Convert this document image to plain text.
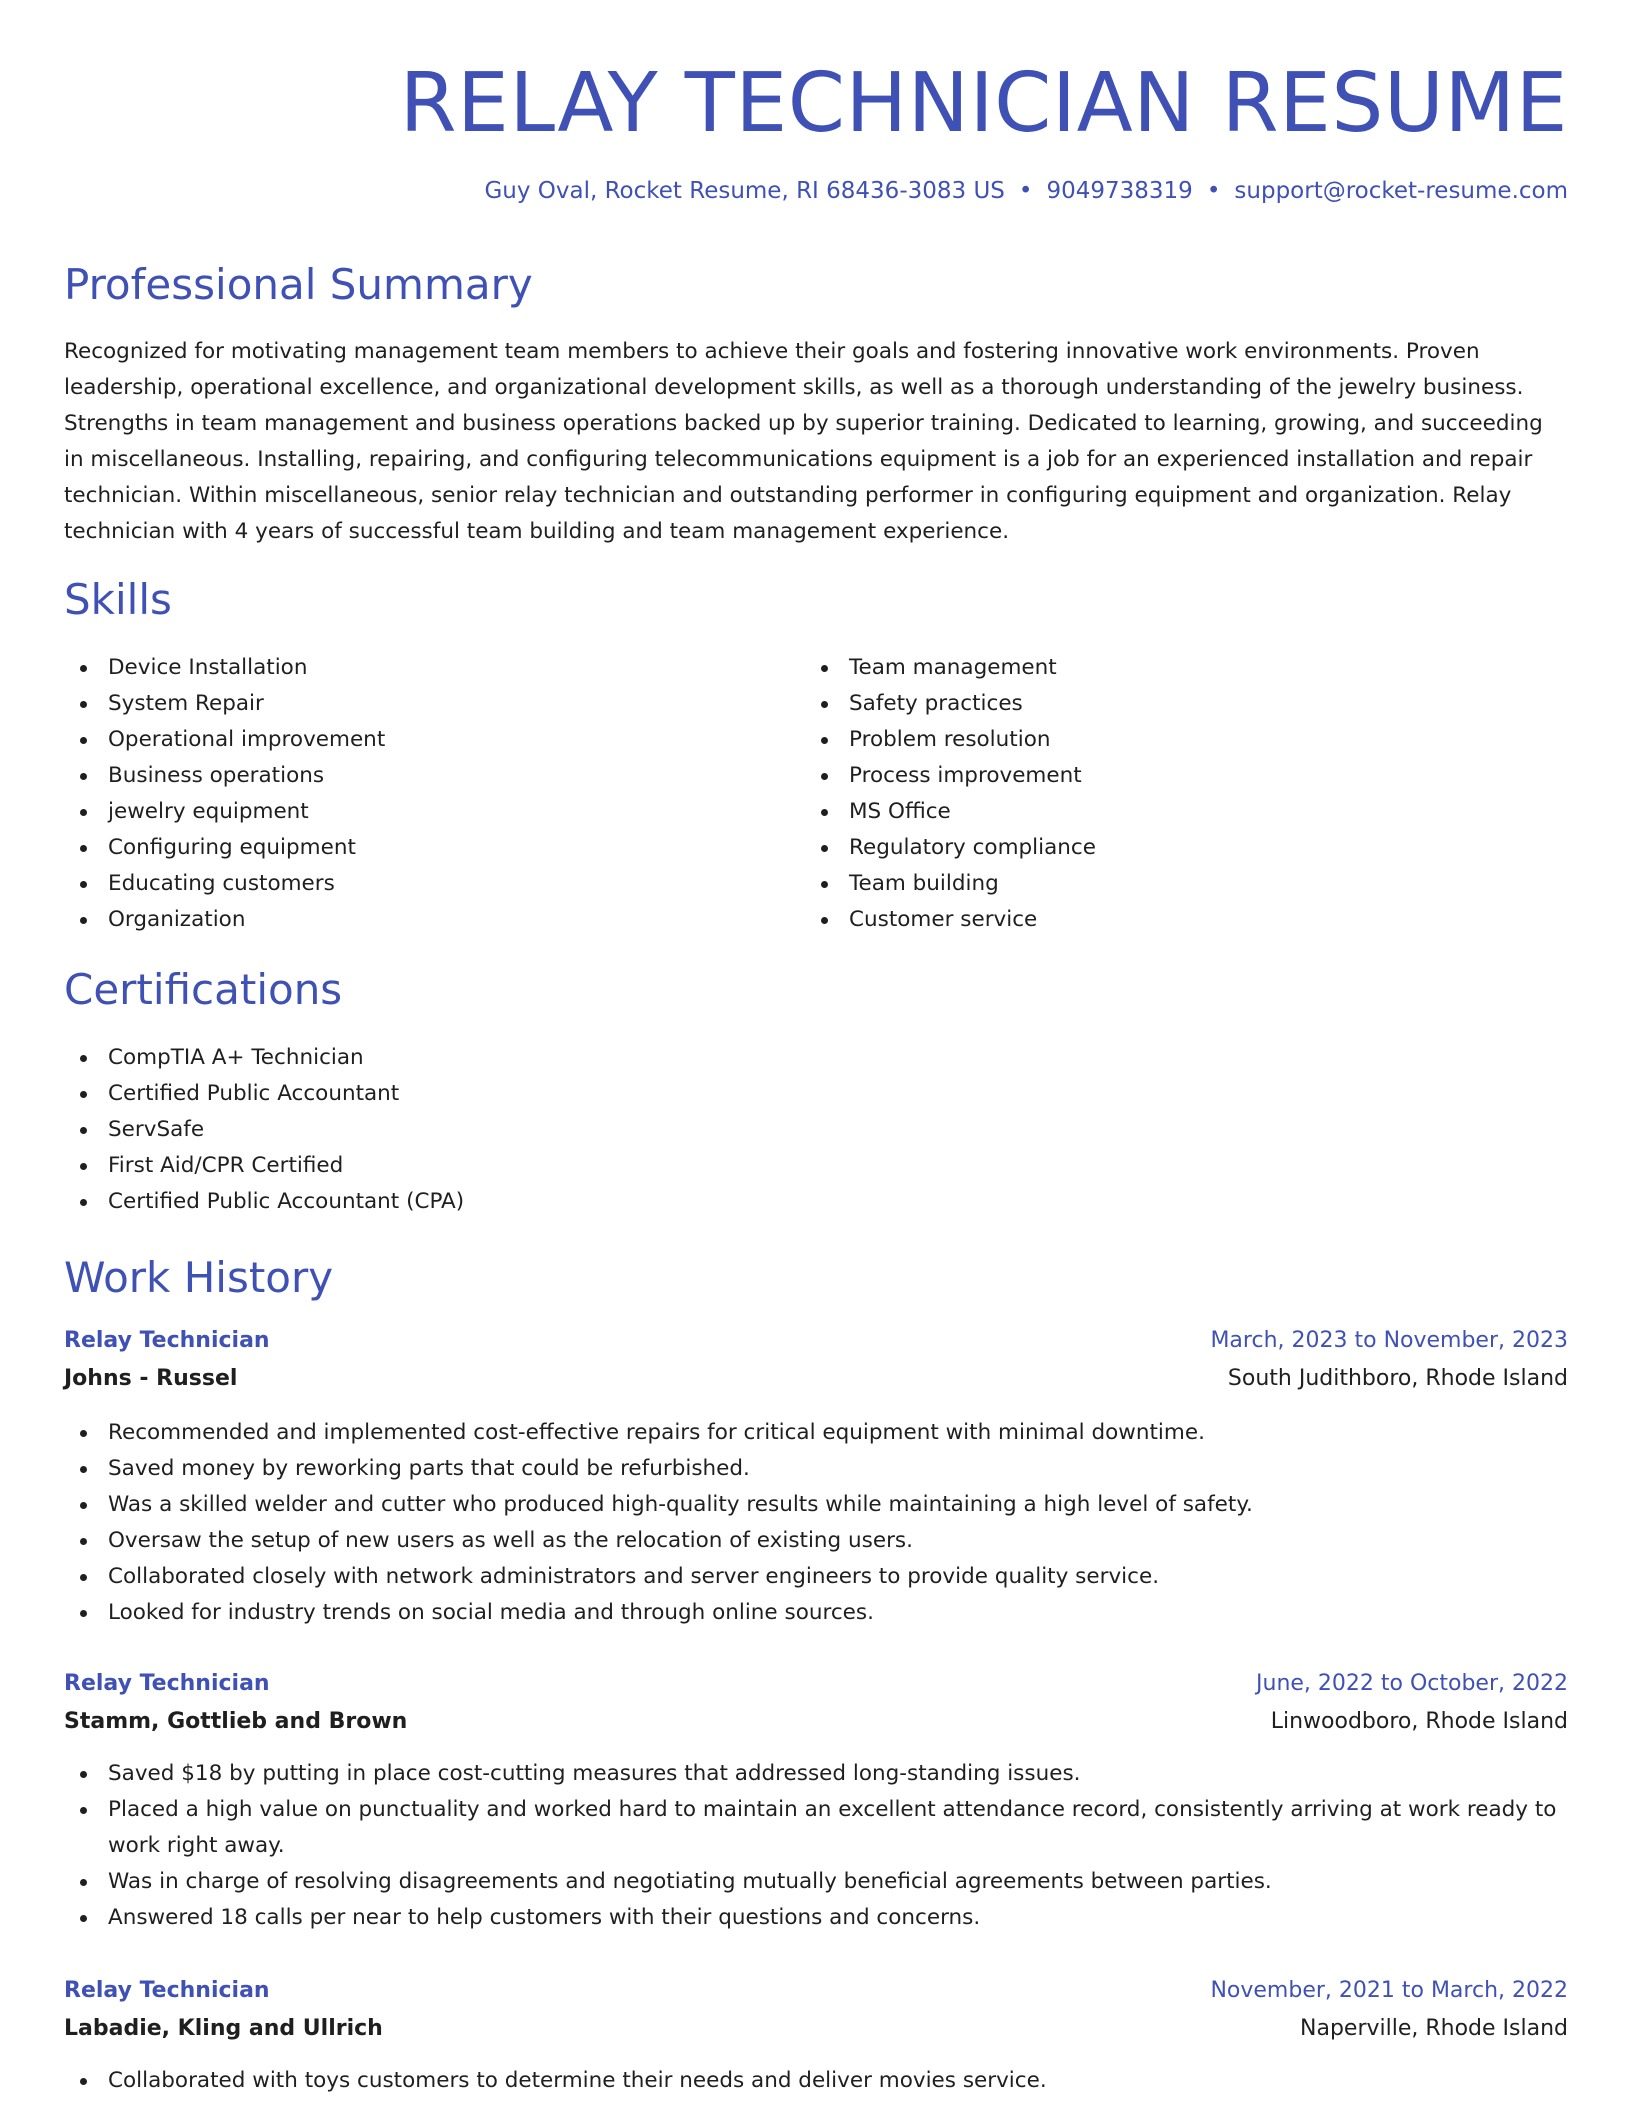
RELAY TECHNICIAN RESUME
Guy Oval, Rocket Resume, RI 68436-3083 US • 9049738319 • support@rocket-resume.com
Professional Summary

Recognized for motivating management team members to achieve their goals and fostering innovative work environments. Proven leadership, operational excellence, and organizational development skills, as well as a thorough understanding of the jewelry business. Strengths in team management and business operations backed up by superior training. Dedicated to learning, growing, and succeeding in miscellaneous. Installing, repairing, and configuring telecommunications equipment is a job for an experienced installation and repair technician. Within miscellaneous, senior relay technician and outstanding performer in configuring equipment and organization. Relay technician with 4 years of successful team building and team management experience.

Skills
Device Installation
System Repair
Operational improvement
Business operations
jewelry equipment
Configuring equipment
Educating customers
Organization
Team management
Safety practices
Problem resolution
Process improvement
MS Office
Regulatory compliance
Team building
Customer service
Certifications
CompTIA A+ Technician
Certified Public Accountant
ServSafe
First Aid/CPR Certified
Certified Public Accountant (CPA)
Work History
Relay Technician	March, 2023 to November, 2023
Johns - Russel	South Judithboro, Rhode Island
Recommended and implemented cost-effective repairs for critical equipment with minimal downtime.
Saved money by reworking parts that could be refurbished.
Was a skilled welder and cutter who produced high-quality results while maintaining a high level of safety.
Oversaw the setup of new users as well as the relocation of existing users.
Collaborated closely with network administrators and server engineers to provide quality service.
Looked for industry trends on social media and through online sources.
Relay Technician	June, 2022 to October, 2022
Stamm, Gottlieb and Brown	Linwoodboro, Rhode Island
Saved $18 by putting in place cost-cutting measures that addressed long-standing issues.
Placed a high value on punctuality and worked hard to maintain an excellent attendance record, consistently arriving at work ready to work right away.
Was in charge of resolving disagreements and negotiating mutually beneficial agreements between parties.
Answered 18 calls per near to help customers with their questions and concerns.
Relay Technician	November, 2021 to March, 2022
Labadie, Kling and Ullrich	Naperville, Rhode Island
Collaborated with toys customers to determine their needs and deliver movies service.
